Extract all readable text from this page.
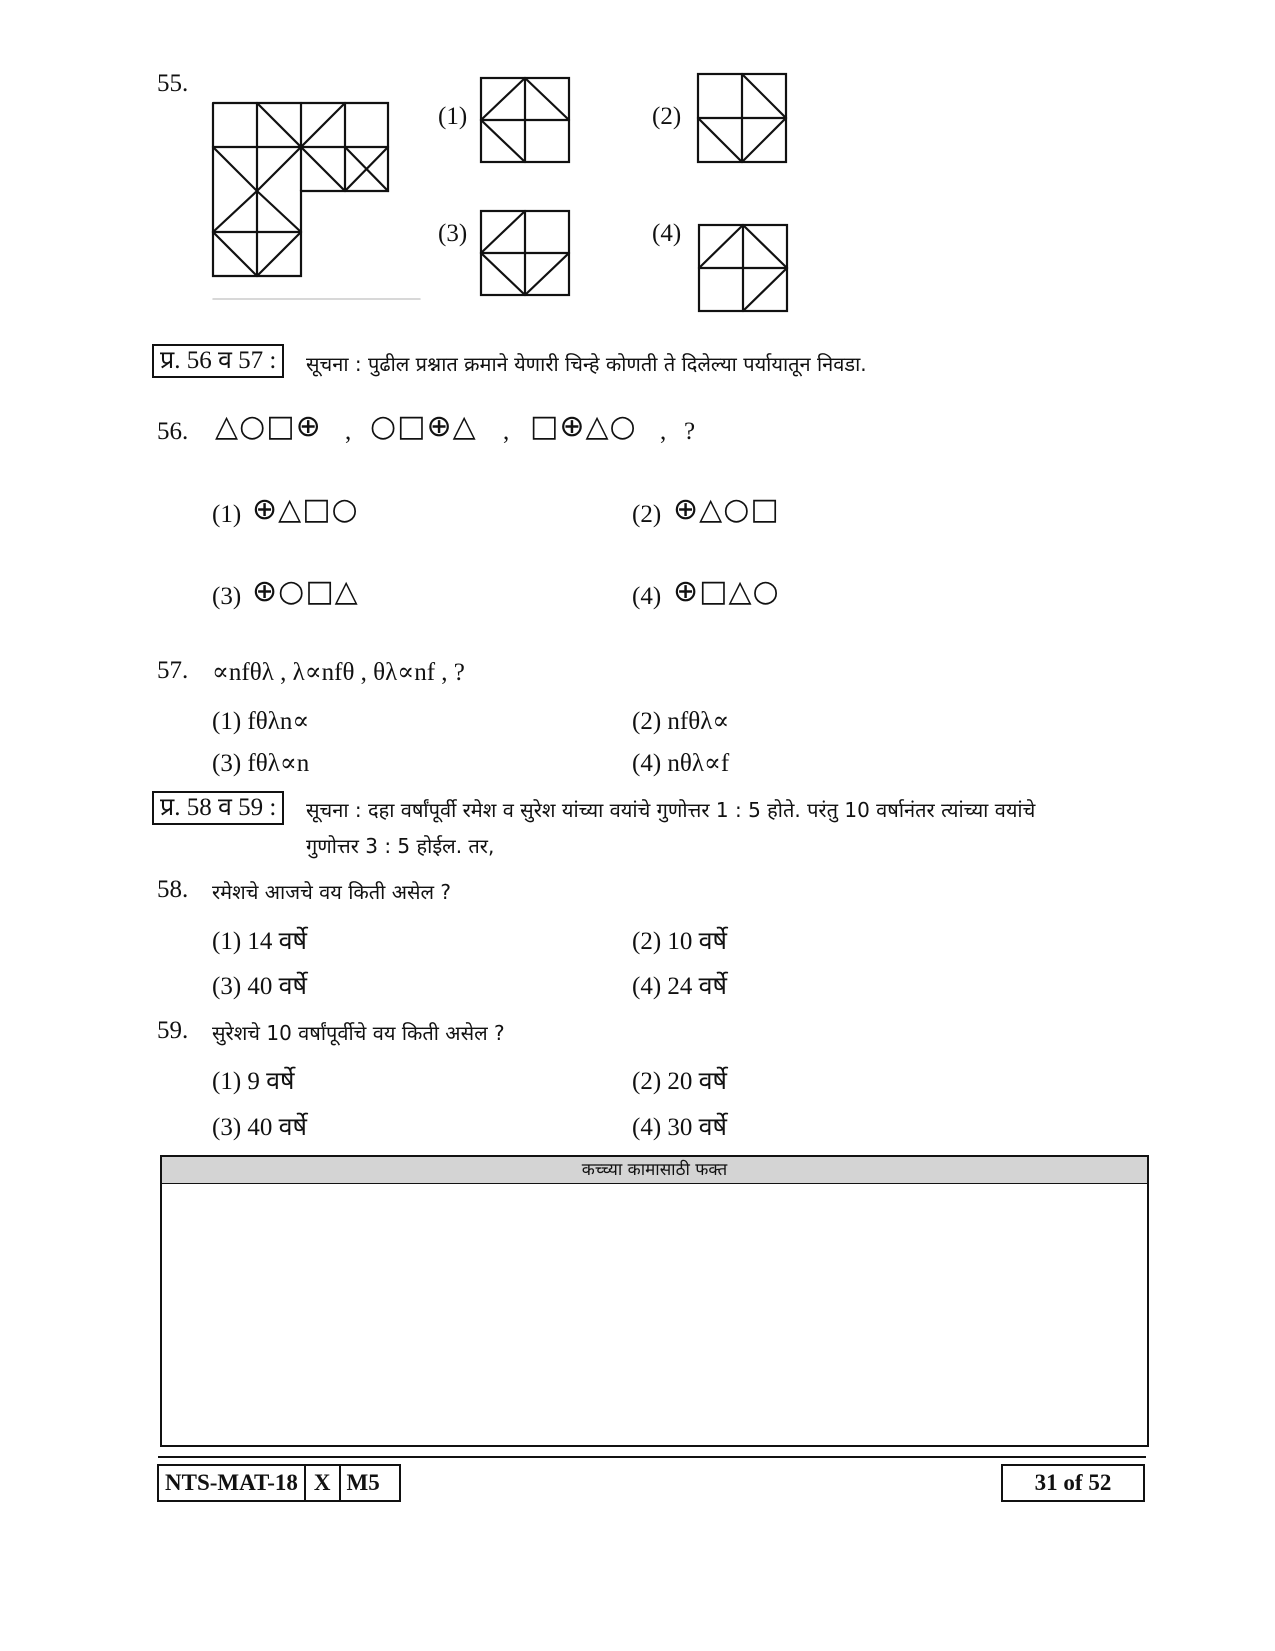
55.
(1)	(2)
(3)	(4)
प्र. 56 व 57 :	सूचना : पुढील प्रश्नात क्रमाने येणारी चिन्हे कोणती ते दिलेल्या पर्यायातून निवडा.
56. △○□⊕ , ○□⊕△ , □⊕△○ , ?
(1) ⊕△□○	(2) ⊕△○□
(3) ⊕○□△	(4) ⊕□△○
57. ∝nfθλ , λ∝nfθ , θλ∝nf , ?
(1) fθλn∝	(2) nfθλ∝
(3) fθλ∝n	(4) nθλ∝f
प्र. 58 व 59 :	सूचना : दहा वर्षांपूर्वी रमेश व सुरेश यांच्या वयांचे गुणोत्तर 1 : 5 होते. परंतु 10 वर्षानंतर त्यांच्या वयांचे
गुणोत्तर 3 : 5 होईल. तर,
58. रमेशचे आजचे वय किती असेल ?
(1) 14 वर्षे	(2) 10 वर्षे
(3) 40 वर्षे	(4) 24 वर्षे
59. सुरेशचे 10 वर्षांपूर्वीचे वय किती असेल ?
(1) 9 वर्षे	(2) 20 वर्षे
(3) 40 वर्षे	(4) 30 वर्षे
कच्च्या कामासाठी फक्त
NTS-MAT-18 X M5	31 of 52
